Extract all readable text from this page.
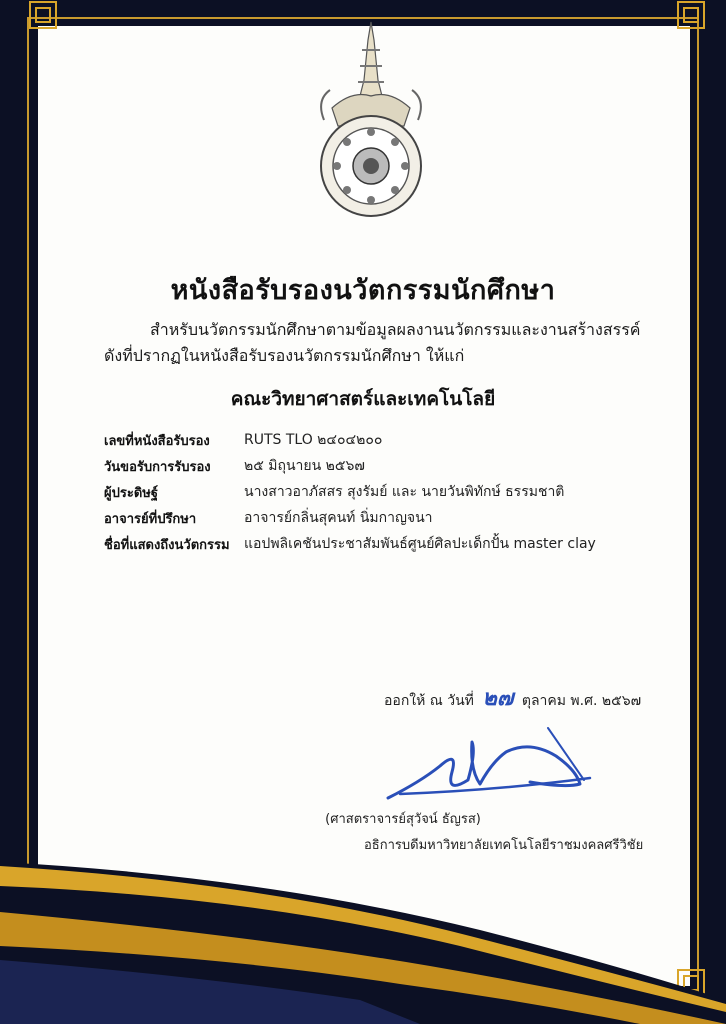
หนังสือรับรองนวัตกรรมนักศึกษา
สำหรับนวัตกรรมนักศึกษาตามข้อมูลผลงานนวัตกรรมและงานสร้างสรรค์
ดังที่ปรากฏในหนังสือรับรองนวัตกรรมนักศึกษา ให้แก่
คณะวิทยาศาสตร์และเทคโนโลยี
เลขที่หนังสือรับรอง	RUTS TLO ๒๔๐๔๒๐๐
วันขอรับการรับรอง	๒๕ มิถุนายน ๒๕๖๗
ผู้ประดิษฐ์	นางสาวอาภัสสร สุงรัมย์ และ นายวันพิทักษ์ ธรรมชาติ
อาจารย์ที่ปรึกษา	อาจารย์กลิ่นสุคนท์ นิ่มกาญจนา
ชื่อที่แสดงถึงนวัตกรรม	แอปพลิเคชันประชาสัมพันธ์ศูนย์ศิลปะเด็กปั้น master clay
ออกให้ ณ วันที่ ๒๗ ตุลาคม พ.ศ. ๒๕๖๗
(ศาสตราจารย์สุวัจน์ ธัญรส)
อธิการบดีมหาวิทยาลัยเทคโนโลยีราชมงคลศรีวิชัย
